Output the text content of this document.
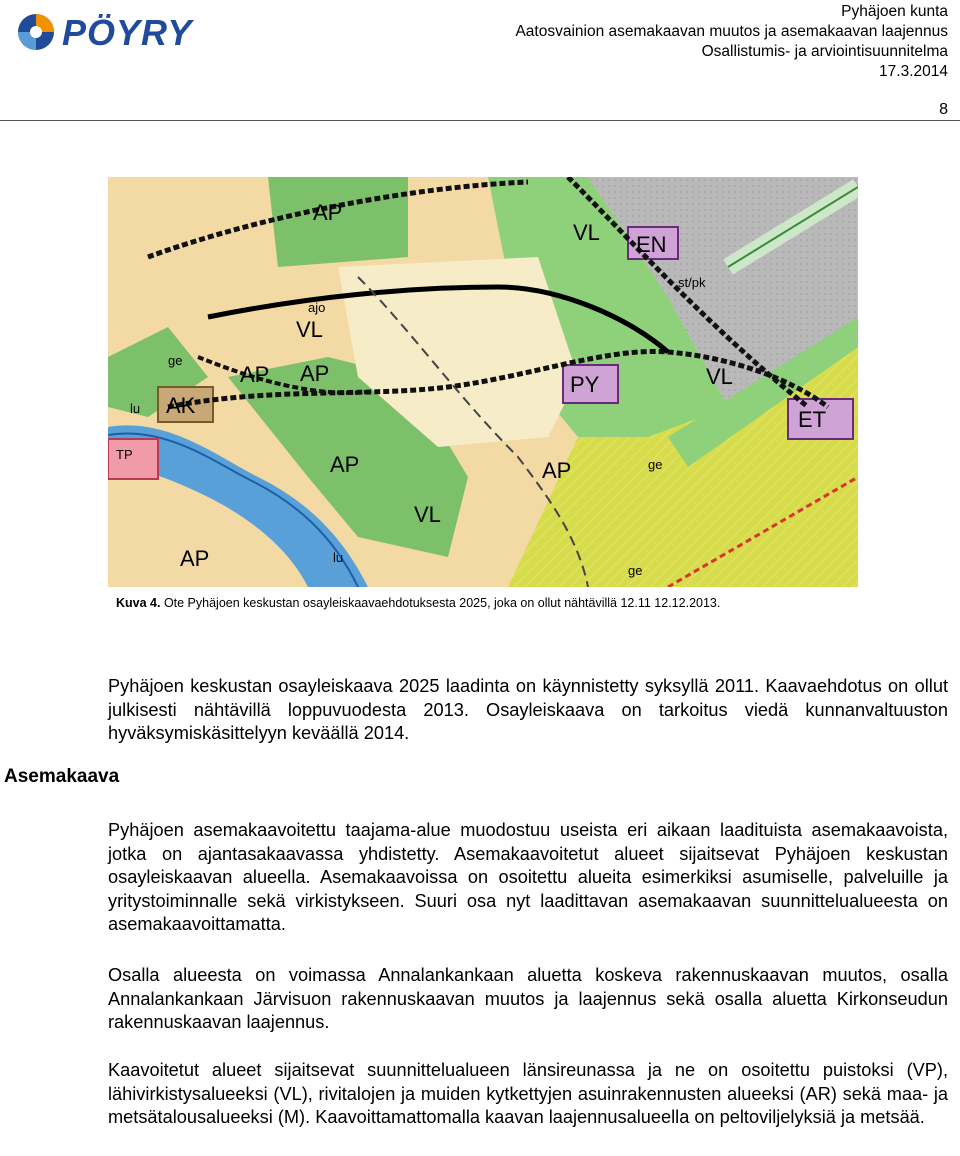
PÖYRY
Pyhäjoen kunta
Aatosvainion asemakaavan muutos ja asemakaavan laajennus
Osallistumis- ja arviointisuunnitelma
17.3.2014
8
AP
AP AP
AP	AP
AP
VL
VL
VL
VL
PY
ET
EN
AK
ge
ge
ge
lu
lu
TP
ajo
st/pk
Kuva 4. Ote Pyhäjoen keskustan osayleiskaavaehdotuksesta 2025, joka on ollut nähtävillä 12.11 12.12.2013.
Pyhäjoen keskustan osayleiskaava 2025 laadinta on käynnistetty syksyllä 2011. Kaavaehdotus on ollut julkisesti nähtävillä loppuvuodesta 2013. Osayleiskaava on tarkoitus viedä kunnanvaltuuston hyväksymiskäsittelyyn keväällä 2014.
Asemakaava
Pyhäjoen asemakaavoitettu taajama-alue muodostuu useista eri aikaan laadituista asemakaavoista, jotka on ajantasakaavassa yhdistetty. Asemakaavoitetut alueet sijaitsevat Pyhäjoen keskustan osayleiskaavan alueella. Asemakaavoissa on osoitettu alueita esimerkiksi asumiselle, palveluille ja yritystoiminnalle sekä virkistykseen. Suuri osa nyt laadittavan asemakaavan suunnittelualueesta on asemakaavoittamatta.
Osalla alueesta on voimassa Annalankankaan aluetta koskeva rakennuskaavan muutos, osalla Annalankankaan Järvisuon rakennuskaavan muutos ja laajennus sekä osalla aluetta Kirkonseudun rakennuskaavan laajennus.
Kaavoitetut alueet sijaitsevat suunnittelualueen länsireunassa ja ne on osoitettu puistoksi (VP), lähivirkistysalueeksi (VL), rivitalojen ja muiden kytkettyjen asuinrakennusten alueeksi (AR) sekä maa- ja metsätalousalueeksi (M). Kaavoittamattomalla kaavan laajennusalueella on peltoviljelyksiä ja metsää.
